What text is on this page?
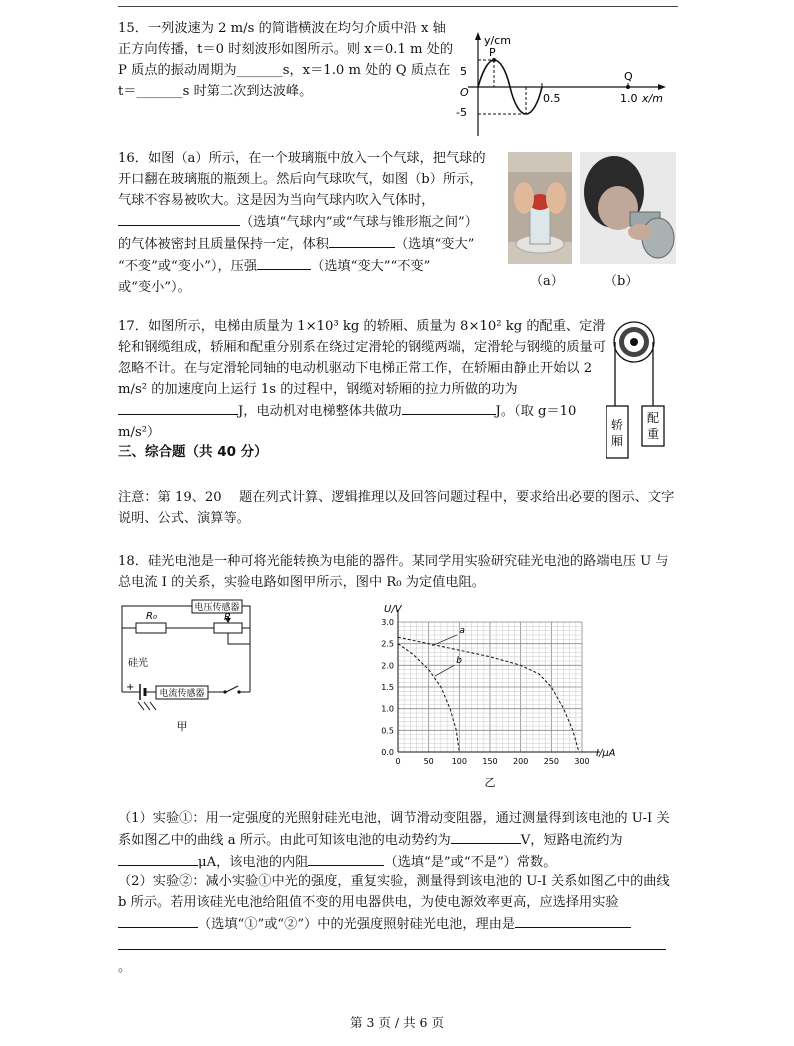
15．一列波速为 2 m/s 的简谐横波在均匀介质中沿 x 轴正方向传播，t＝0 时刻波形如图所示。则 x＝0.1 m 处的 P 质点的振动周期为_______s，x＝1.0 m 处的 Q 质点在 t＝_______s 时第二次到达波峰。
y/cm
P
5
O
-5
0.5	1.0
Q
x/m
16．如图（a）所示，在一个玻璃瓶中放入一个气球，把气球的
开口翻在玻璃瓶的瓶颈上。然后向气球吹气，如图（b）所示，
气球不容易被吹大。这是因为当向气球内吹入气体时，
（选填“气球内”或“气球与锥形瓶之间”）
的气体被密封且质量保持一定，体积	（选填“变大”
“不变”或“变小”），压强	（选填“变大”“不变”
或“变小”）。	（a）	（b）
17．如图所示，电梯由质量为 1×10³ kg 的轿厢、质量为 8×10² kg 的配重、定滑轮和钢缆组成，轿厢和配重分别系在绕过定滑轮的钢缆两端，定滑轮与钢缆的质量可忽略不计。在与定滑轮同轴的电动机驱动下电梯正常工作，在轿厢由静止开始以 2 m/s² 的加速度向上运行 1s 的过程中，钢缆对轿厢的拉力所做的功为
J，电动机对电梯整体共做功	J。（取 g＝10 m/s²）	轿
厢
配
重
三、综合题（共 40 分）
注意：第 19、20 　题在列式计算、逻辑推理以及回答问题过程中，要求给出必要的图示、文字说明、公式、演算等。
18．硅光电池是一种可将光能转换为电能的器件。某同学用实验研究硅光电池的路端电压 U 与总电流 I 的关系，实验电路如图甲所示，图中 R₀ 为定值电阻。
电压传感器
R₀	R
电流传感器
硅光
+
甲
0	50 100 150 200 250 300
0.0
0.5
1.0
1.5
2.0
2.5
3.0
U/V
I/μA
乙
a
b
（1）实验①：用一定强度的光照射硅光电池，调节滑动变阻器，通过测量得到该电池的 U-I 关系如图乙中的曲线 a 所示。由此可知该电池的电动势约为	V，短路电流约为
μA，该电池的内阻	（选填“是”或“不是”）常数。
（2）实验②：减小实验①中光的强度，重复实验，测量得到该电池的 U-I 关系如图乙中的曲线 b 所示。若用该硅光电池给阻值不变的用电器供电，为使电源效率更高，应选择用实验
（选填“①”或“②”）中的光强度照射硅光电池，理由是
。
第 3 页 / 共 6 页
